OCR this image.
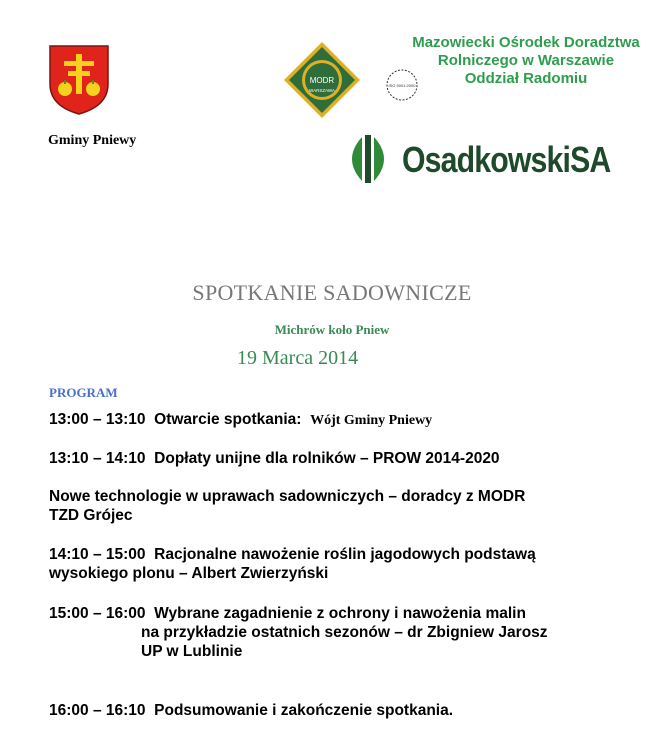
Gminy Pniewy
MODR
WARSZAWA
ISO 9001:2000
Mazowiecki Ośrodek Doradztwa
Rolniczego w Warszawie
Oddział Radomiu
OsadkowskiSA
SPOTKANIE SADOWNICZE
Michrów koło Pniew
19 Marca 2014
PROGRAM
13:00 – 13:10 Otwarcie spotkania: Wójt Gminy Pniewy
13:10 – 14:10 Dopłaty unijne dla rolników – PROW 2014-2020
Nowe technologie w uprawach sadowniczych – doradcy z MODR
TZD Grójec
14:10 – 15:00 Racjonalne nawożenie roślin jagodowych podstawą
wysokiego plonu – Albert Zwierzyński
15:00 – 16:00 Wybrane zagadnienie z ochrony i nawożenia malin
na przykładzie ostatnich sezonów – dr Zbigniew Jarosz
UP w Lublinie
16:00 – 16:10 Podsumowanie i zakończenie spotkania.
